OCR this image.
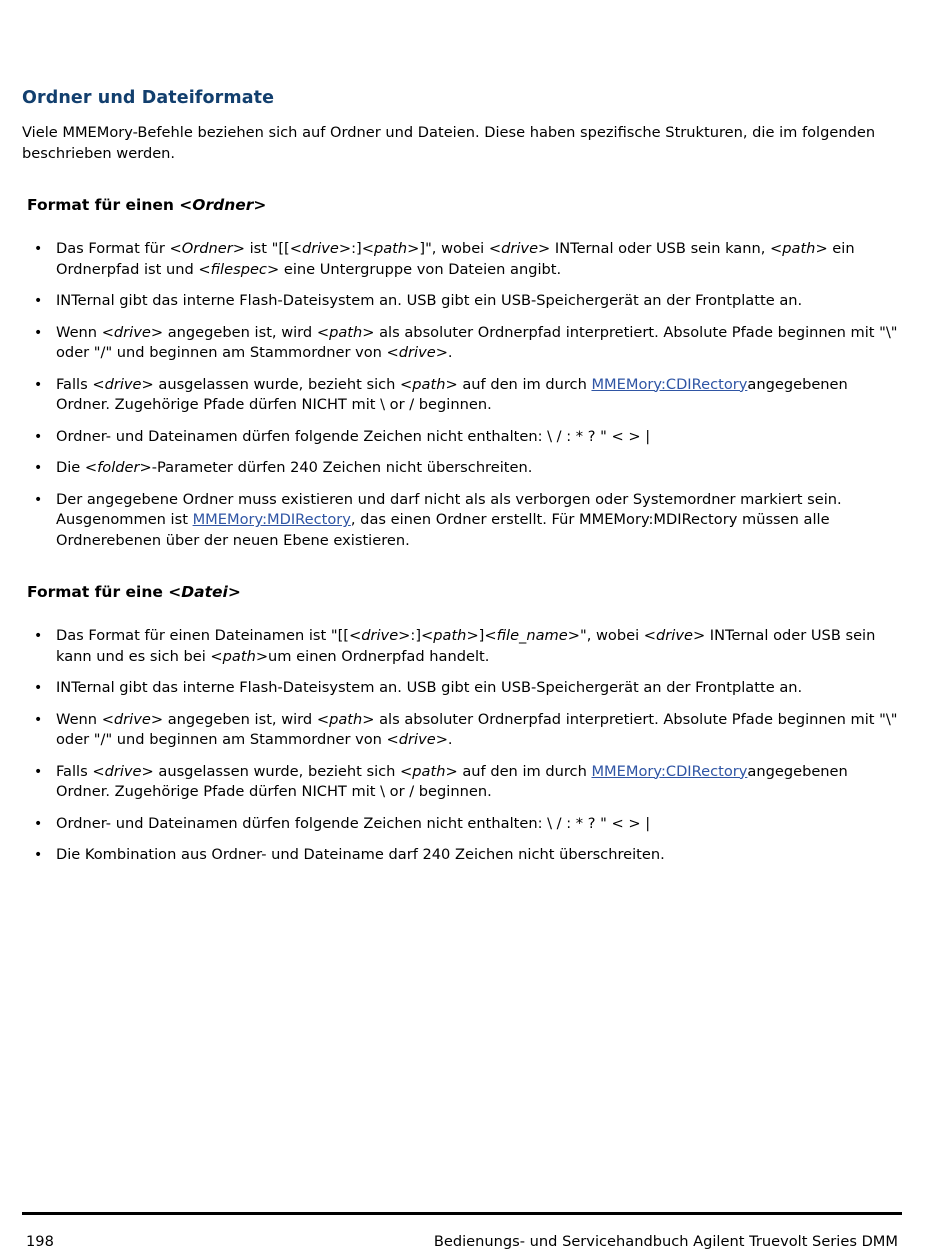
Ordner und Dateiformate

Viele MMEMory-Befehle beziehen sich auf Ordner und Dateien. Diese haben spezifische Strukturen, die im folgenden beschrieben werden.

Format für einen <Ordner>
• Das Format für <Ordner> ist "[[<drive>:]<path>]", wobei <drive> INTernal oder USB sein kann, <path> ein Ordnerpfad ist und <filespec> eine Untergruppe von Dateien angibt.
• INTernal gibt das interne Flash-Dateisystem an. USB gibt ein USB-Speichergerät an der Frontplatte an.
• Wenn <drive> angegeben ist, wird <path> als absoluter Ordnerpfad interpretiert. Absolute Pfade beginnen mit "\" oder "/" und beginnen am Stammordner von <drive>.
• Falls <drive> ausgelassen wurde, bezieht sich <path> auf den im durch MMEMory:CDIRectoryangegebenen Ordner. Zugehörige Pfade dürfen NICHT mit \ or / beginnen.
• Ordner- und Dateinamen dürfen folgende Zeichen nicht enthalten: \ / : * ? " < > |
• Die <folder>-Parameter dürfen 240 Zeichen nicht überschreiten.
• Der angegebene Ordner muss existieren und darf nicht als als verborgen oder Systemordner markiert sein. Ausgenommen ist MMEMory:MDIRectory, das einen Ordner erstellt. Für MMEMory:MDIRectory müssen alle Ordnerebenen über der neuen Ebene existieren.
Format für eine <Datei>
• Das Format für einen Dateinamen ist "[[<drive>:]<path>]<file_name>", wobei <drive> INTernal oder USB sein kann und es sich bei <path>um einen Ordnerpfad handelt.
• INTernal gibt das interne Flash-Dateisystem an. USB gibt ein USB-Speichergerät an der Frontplatte an.
• Wenn <drive> angegeben ist, wird <path> als absoluter Ordnerpfad interpretiert. Absolute Pfade beginnen mit "\" oder "/" und beginnen am Stammordner von <drive>.
• Falls <drive> ausgelassen wurde, bezieht sich <path> auf den im durch MMEMory:CDIRectoryangegebenen Ordner. Zugehörige Pfade dürfen NICHT mit \ or / beginnen.
• Ordner- und Dateinamen dürfen folgende Zeichen nicht enthalten: \ / : * ? " < > |
• Die Kombination aus Ordner- und Dateiname darf 240 Zeichen nicht überschreiten.
198	Bedienungs- und Servicehandbuch Agilent Truevolt Series DMM
